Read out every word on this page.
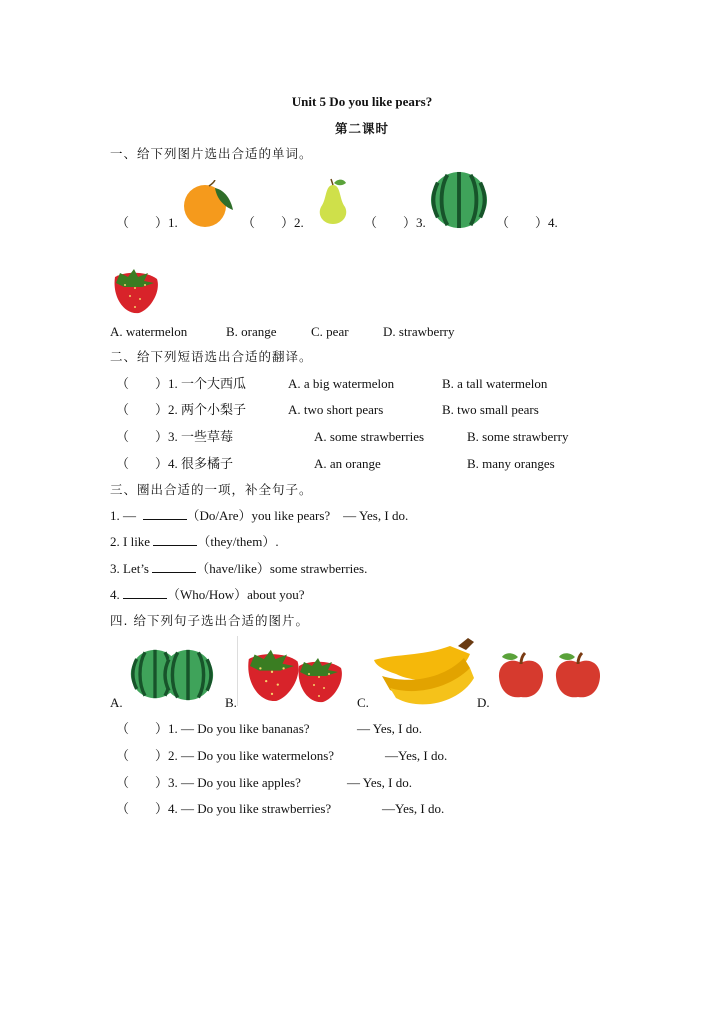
Unit 5 Do you like pears?
第二课时
一、给下列图片选出合适的单词。
（　　）1.	（　　）2.	（　　）3.	（　　）4.
A. watermelon	B. orange	C. pear	D. strawberry
二、给下列短语选出合适的翻译。
（　　）1. 一个大西瓜	A. a big watermelon	B. a tall watermelon
（　　）2. 两个小梨子	A. two short pears	B. two small pears
（　　）3. 一些草莓	A. some strawberries	B. some strawberry
（　　）4. 很多橘子	A. an orange	B. many oranges
三、圈出合适的一项，补全句子。
1. —	（Do/Are）you like pears?　— Yes, I do.
2. I like	（they/them）.
3. Let’s	（have/like）some strawberries.
4.	（Who/How）about you?
四. 给下列句子选出合适的图片。
A.	B.	C.	D.
（　　）1. — Do you like bananas?	— Yes, I do.
（　　）2. — Do you like watermelons?	—Yes, I do.
（　　）3. — Do you like apples?	— Yes, I do.
（　　）4. — Do you like strawberries?	—Yes, I do.
